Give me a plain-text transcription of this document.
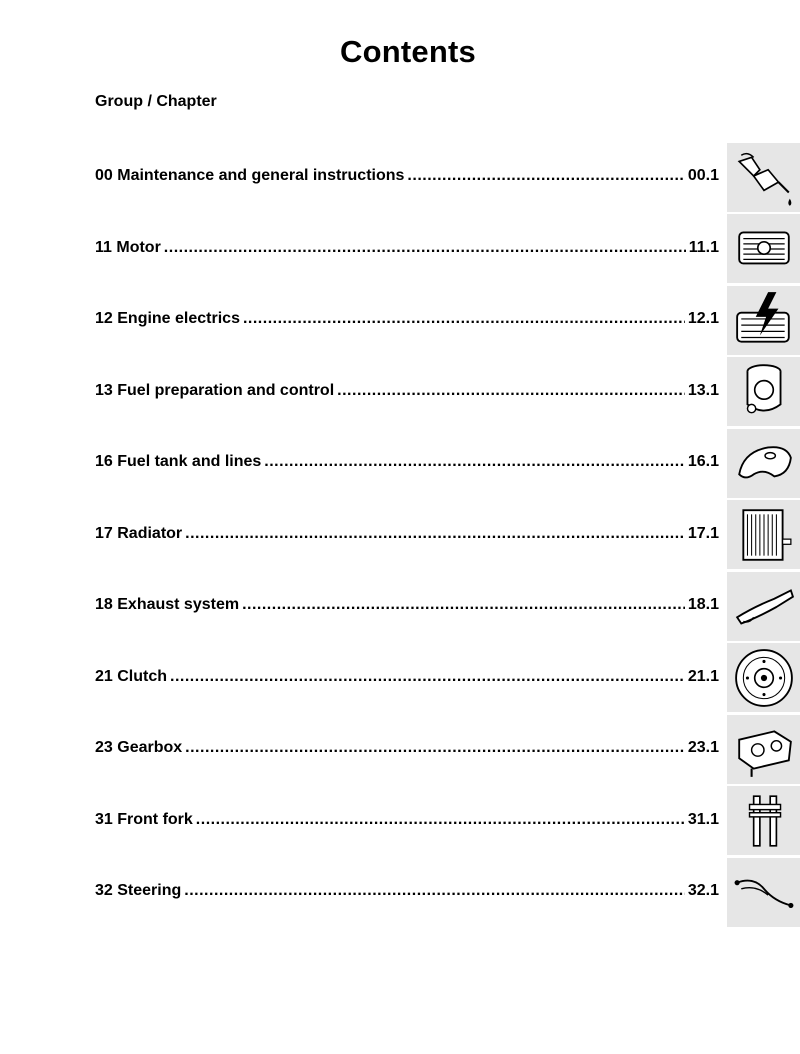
Contents
Group / Chapter
00 Maintenance and general instructions .....	00.1
11 Motor .....	11.1
12 Engine electrics .....	12.1
13 Fuel preparation and control .....	13.1
16 Fuel tank and lines .....	16.1
17 Radiator .....	17.1
18 Exhaust system .....	18.1
21 Clutch .....	21.1
23 Gearbox .....	23.1
31 Front fork .....	31.1
32 Steering .....	32.1
